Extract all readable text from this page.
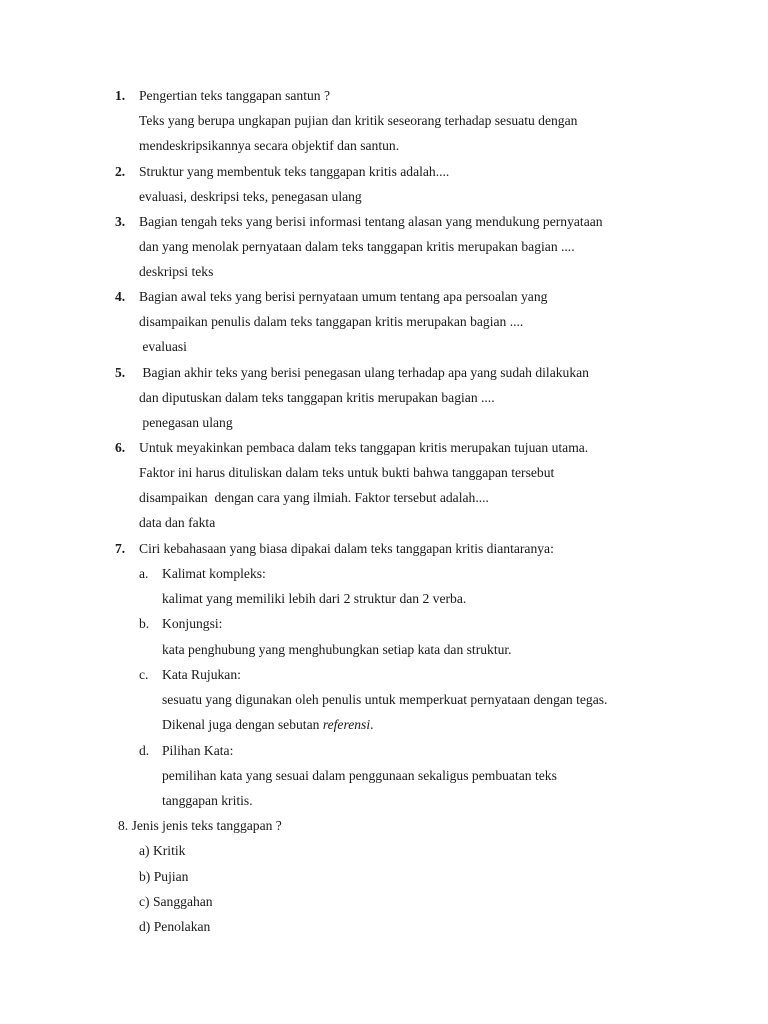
1. Pengertian teks tanggapan santun ?
Teks yang berupa ungkapan pujian dan kritik seseorang terhadap sesuatu dengan
mendeskripsikannya secara objektif dan santun.
2. Struktur yang membentuk teks tanggapan kritis adalah....
evaluasi, deskripsi teks, penegasan ulang
3. Bagian tengah teks yang berisi informasi tentang alasan yang mendukung pernyataan
dan yang menolak pernyataan dalam teks tanggapan kritis merupakan bagian ....
deskripsi teks
4. Bagian awal teks yang berisi pernyataan umum tentang apa persoalan yang
disampaikan penulis dalam teks tanggapan kritis merupakan bagian ....
evaluasi
5. Bagian akhir teks yang berisi penegasan ulang terhadap apa yang sudah dilakukan
dan diputuskan dalam teks tanggapan kritis merupakan bagian ....
penegasan ulang
6. Untuk meyakinkan pembaca dalam teks tanggapan kritis merupakan tujuan utama.
Faktor ini harus dituliskan dalam teks untuk bukti bahwa tanggapan tersebut
disampaikan  dengan cara yang ilmiah. Faktor tersebut adalah....
data dan fakta
7. Ciri kebahasaan yang biasa dipakai dalam teks tanggapan kritis diantaranya:
a. Kalimat kompleks:
kalimat yang memiliki lebih dari 2 struktur dan 2 verba.
b. Konjungsi:
kata penghubung yang menghubungkan setiap kata dan struktur.
c. Kata Rujukan:
sesuatu yang digunakan oleh penulis untuk memperkuat pernyataan dengan tegas.
Dikenal juga dengan sebutan referensi.
d. Pilihan Kata:
pemilihan kata yang sesuai dalam penggunaan sekaligus pembuatan teks
tanggapan kritis.
8. Jenis jenis teks tanggapan ?
a) Kritik
b) Pujian
c) Sanggahan
d) Penolakan
